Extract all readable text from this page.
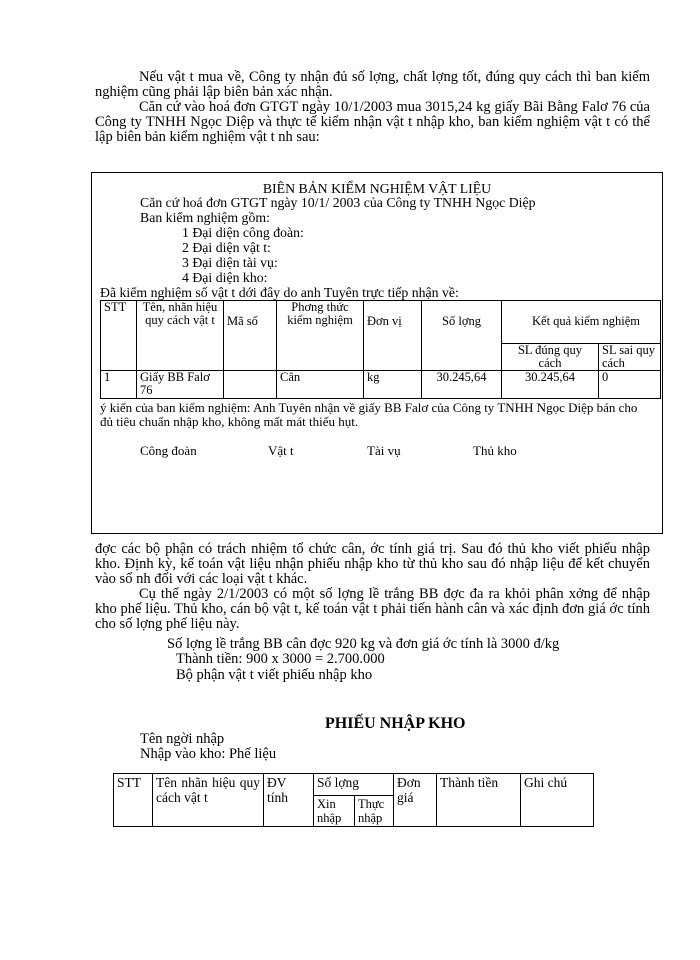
Nếu vật t mua về, Công ty nhận đủ số lợng, chất lợng tốt, đúng quy cách thì ban kiểm nghiệm cũng phải lập biên bản xác nhận.

Căn cứ vào hoá đơn GTGT ngày 10/1/2003 mua 3015,24 kg giấy Bãi Bằng Falơ 76 của Công ty TNHH Ngọc Diệp và thực tế kiểm nhận vật t nhập kho, ban kiểm nghiệm vật t có thể lập biên bản kiểm nghiệm vật t nh sau:

BIÊN BẢN KIỂM NGHIỆM VẬT LIỆU
Căn cứ hoá đơn GTGT ngày 10/1/ 2003 của Công ty TNHH Ngọc Diệp
Ban kiểm nghiệm gồm:
1 Đại diện công đoàn:
2 Đại diện vật t:
3 Đại diện tài vụ:
4 Đại diện kho:
Đã kiểm nghiệm số vật t dới đây do anh Tuyên trực tiếp nhận về:
STT	Tên, nhãn hiệu quy cách vật t	Mã số	Phơng thức kiểm nghiệm	Đơn vị	Số lợng	Kết quả kiểm nghiệm	
						SL đúng quy cách	SL sai quy cách
1	Giấy BB Falơ 76		Cân	kg	30.245,64	30.245,64	0
ý kiến của ban kiểm nghiệm: Anh Tuyên nhận về giấy BB Falơ của Công ty TNHH Ngọc Diệp bán cho đủ tiêu chuẩn nhập kho, không mất mát thiếu hụt.
Công đoàn	Vật t	Tài vụ	Thủ kho
đợc các bộ phận có trách nhiệm tổ chức cân, ớc tính giá trị. Sau đó thủ kho viết phiếu nhập kho. Định kỳ, kế toán vật liệu nhận phiếu nhập kho từ thủ kho sau đó nhập liệu để kết chuyển vào sổ nh đối với các loại vật t khác.

Cụ thể ngày 2/1/2003 có một số lợng lề trắng BB đợc đa ra khỏi phân xởng để nhập kho phế liệu. Thủ kho, cán bộ vật t, kế toán vật t phải tiến hành cân và xác định đơn giá ớc tính cho số lợng phế liệu này.

Số lợng lề trắng BB cân đợc 920 kg và đơn giá ớc tính là 3000 đ/kg
Thành tiền: 900 x 3000 = 2.700.000
Bộ phận vật t viết phiếu nhập kho
PHIẾU NHẬP KHO
Tên ngời nhập
Nhập vào kho: Phế liệu
STT	Tên nhãn hiệu quy cách vật t	ĐV tính	Số lợng		Đơn giá	Thành tiền	Ghi chú
			Xin nhập	Thực nhập			
